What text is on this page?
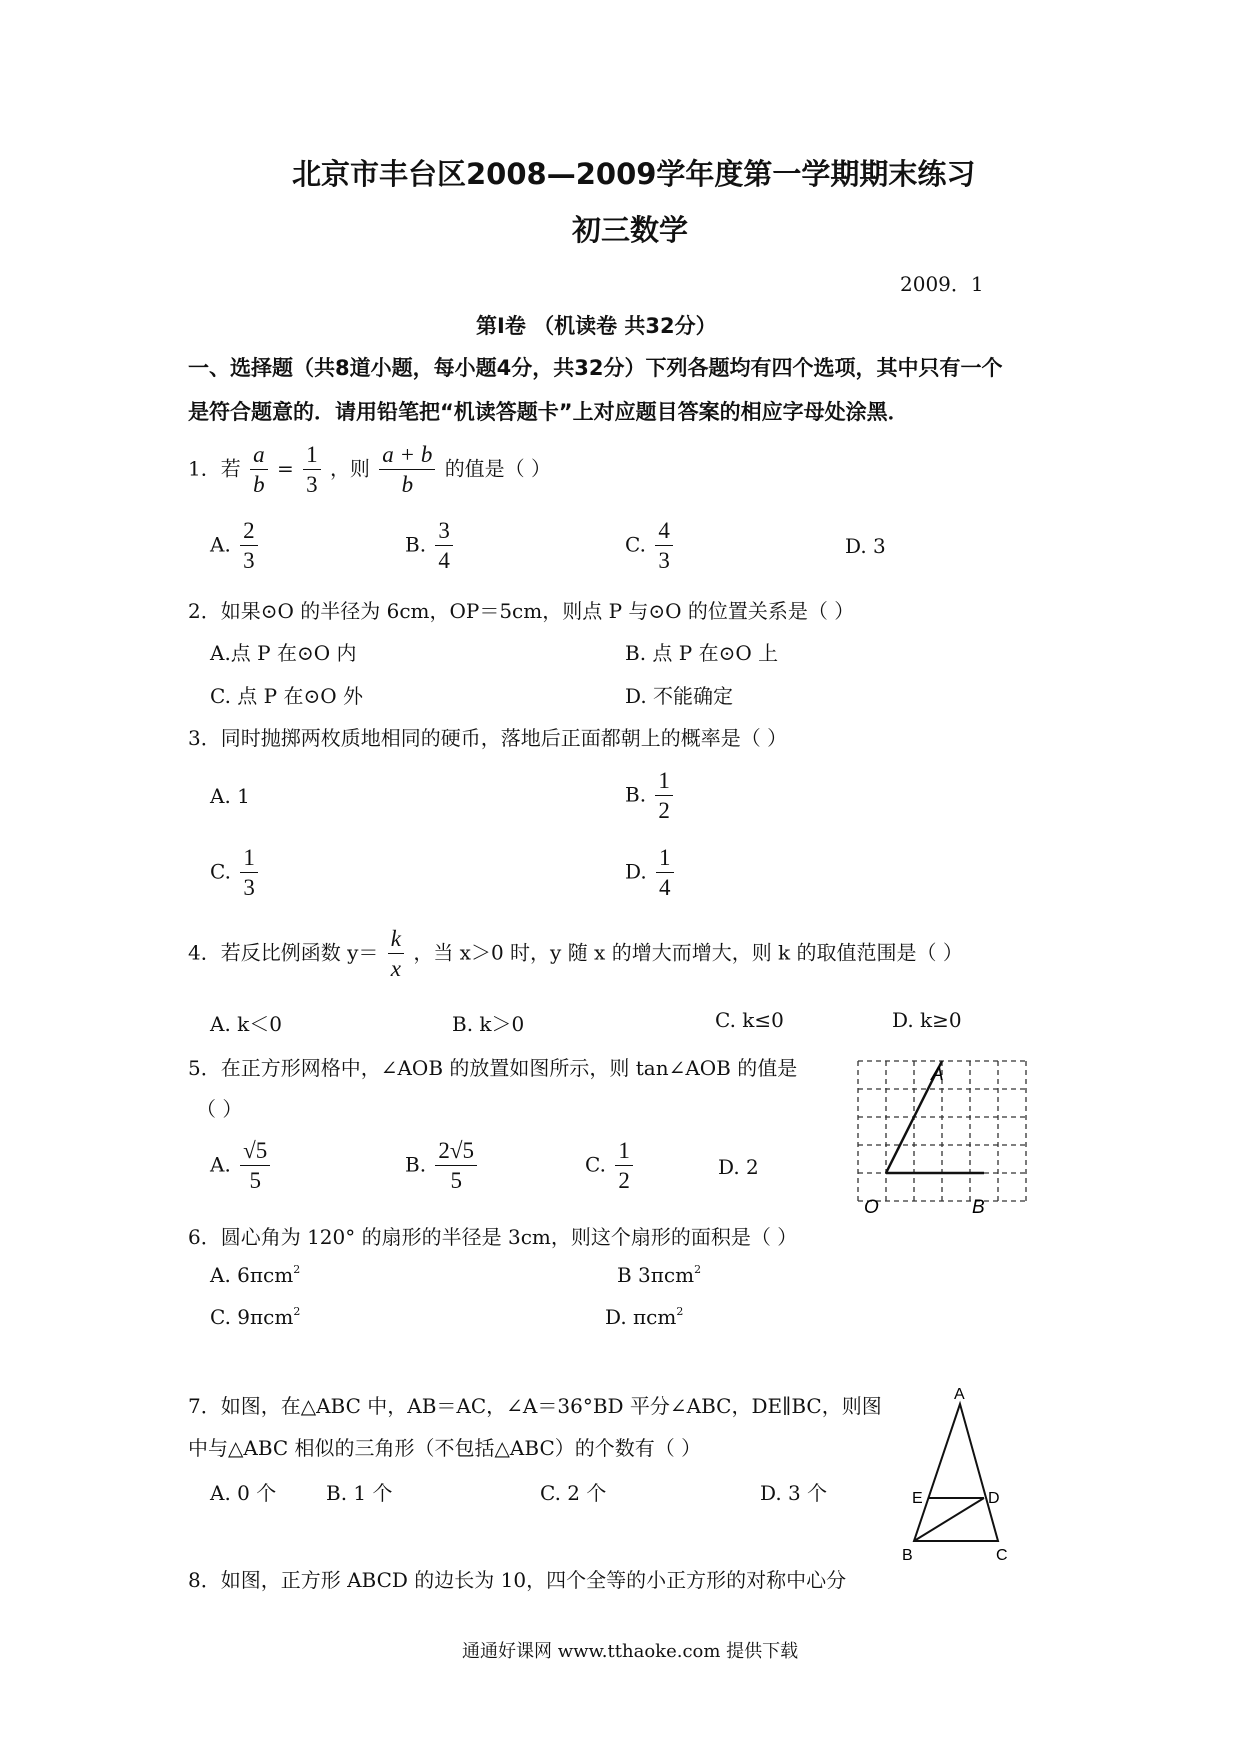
北京市丰台区2008—2009学年度第一学期期末练习
初三数学
2009．1
第Ⅰ卷 （机读卷 共32分）
一、选择题（共8道小题，每小题4分，共32分）下列各题均有四个选项，其中只有一个
是符合题意的．请用铅笔把“机读答题卡”上对应题目答案的相应字母处涂黑．
1．若 $\frac{a}{b} = \frac{1}{3}$ ，则 $\frac{a + b}{b}$ 的值是（ ）
A. $\frac{2}{3}$	B. $\frac{3}{4}$	C. $\frac{4}{3}$	D. 3
2．如果⊙O 的半径为 6cm，OP＝5cm，则点 P 与⊙O 的位置关系是（ ）
A.点 P 在⊙O 内	B. 点 P 在⊙O 上
C. 点 P 在⊙O 外	D. 不能确定
3．同时抛掷两枚质地相同的硬币，落地后正面都朝上的概率是（ ）
A. 1	B. $\frac{1}{2}$
C. $\frac{1}{3}$	D. $\frac{1}{4}$
4．若反比例函数 $y= \frac{k}{x}$ ，当 x＞0 时，y 随 x 的增大而增大，则 k 的取值范围是（ ）
A. k＜0	B. k＞0	C. k≤0	D. k≥0
5．在正方形网格中，∠AOB 的放置如图所示，则 tan∠AOB 的值是
（ ）
A. $\frac{√5}{5}$	B. $\frac{2√5}{5}$	C. $\frac{1}{2}$	D. 2
A
O	B
6．圆心角为 120° 的扇形的半径是 3cm，则这个扇形的面积是（ ）
A. 6πcm$^2$	B 3πcm$^2$
C. 9πcm$^2$	D. πcm$^2$
7．如图，在△ABC 中，AB＝AC，∠A＝36°BD 平分∠ABC，DE∥BC，则图
中与△ABC 相似的三角形（不包括△ABC）的个数有（ ）
A. 0 个 B. 1 个	C. 2 个	D. 3 个
A
E	D
B	C
8．如图，正方形 ABCD 的边长为 10，四个全等的小正方形的对称中心分
通通好课网 www.tthaoke.com 提供下载
